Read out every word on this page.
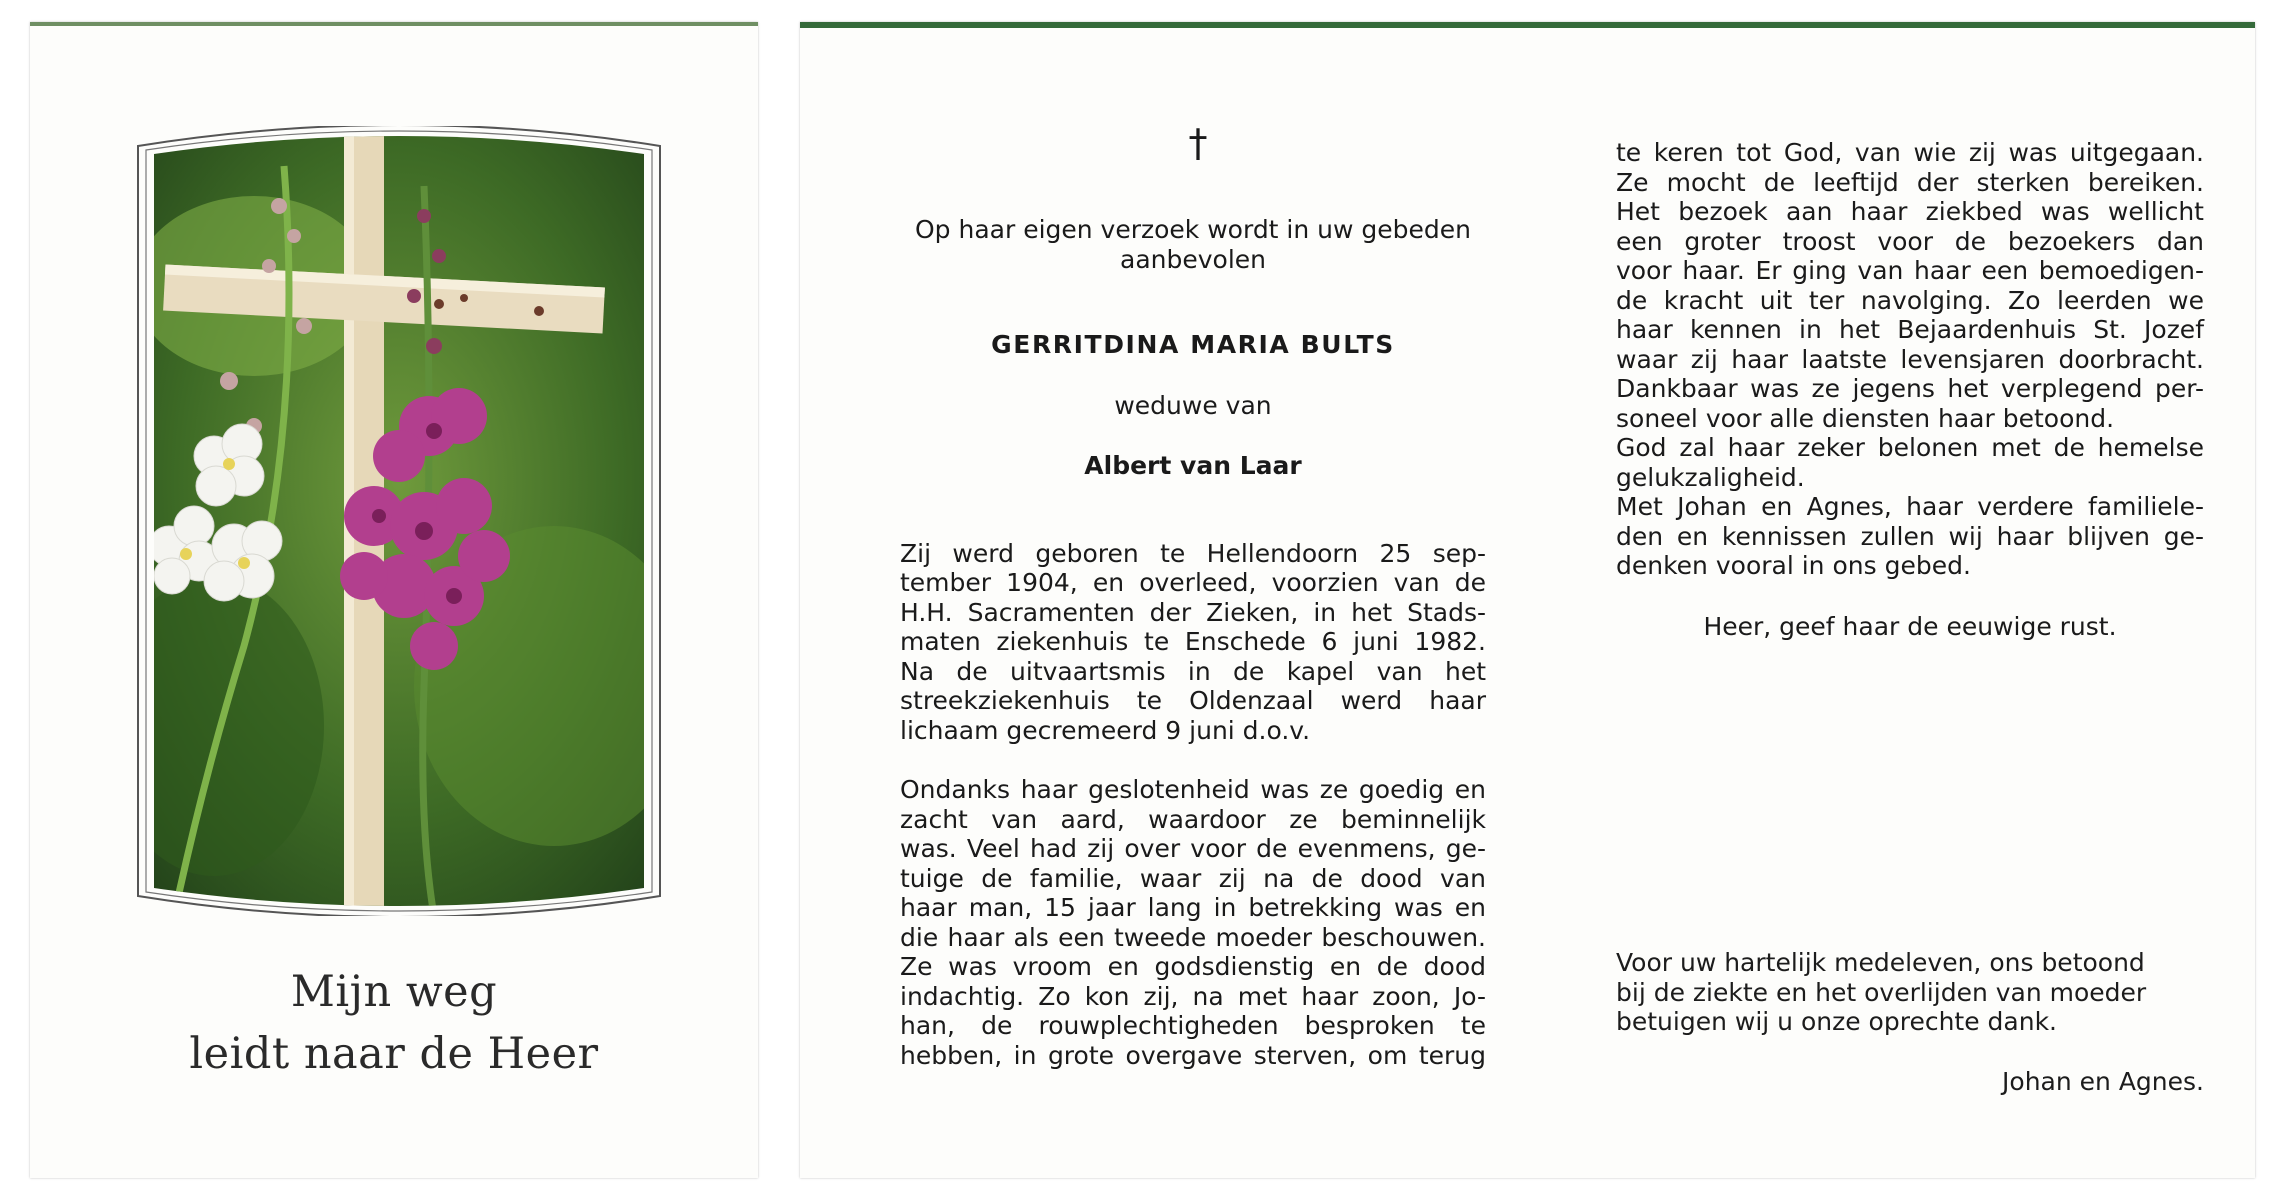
Mijn weg
leidt naar de Heer
†
Op haar eigen verzoek wordt in uw gebeden
aanbevolen
GERRITDINA MARIA BULTS
weduwe van
Albert van Laar
Zij werd geboren te Hellendoorn 25 sep-
tember 1904, en overleed, voorzien van de
H.H. Sacramenten der Zieken, in het Stads-
maten ziekenhuis te Enschede 6 juni 1982.
Na de uitvaartsmis in de kapel van het
streekziekenhuis te Oldenzaal werd haar
lichaam gecremeerd 9 juni d.o.v.
Ondanks haar geslotenheid was ze goedig en
zacht van aard, waardoor ze beminnelijk
was. Veel had zij over voor de evenmens, ge-
tuige de familie, waar zij na de dood van
haar man, 15 jaar lang in betrekking was en
die haar als een tweede moeder beschouwen.
Ze was vroom en godsdienstig en de dood
indachtig. Zo kon zij, na met haar zoon, Jo-
han, de rouwplechtigheden besproken te
hebben, in grote overgave sterven, om terug
te keren tot God, van wie zij was uitgegaan.
Ze mocht de leeftijd der sterken bereiken.
Het bezoek aan haar ziekbed was wellicht
een groter troost voor de bezoekers dan
voor haar. Er ging van haar een bemoedigen-
de kracht uit ter navolging. Zo leerden we
haar kennen in het Bejaardenhuis St. Jozef
waar zij haar laatste levensjaren doorbracht.
Dankbaar was ze jegens het verplegend per-
soneel voor alle diensten haar betoond.
God zal haar zeker belonen met de hemelse
gelukzaligheid.
Met Johan en Agnes, haar verdere familiele-
den en kennissen zullen wij haar blijven ge-
denken vooral in ons gebed.
Heer, geef haar de eeuwige rust.
Voor uw hartelijk medeleven, ons betoond
bij de ziekte en het overlijden van moeder
betuigen wij u onze oprechte dank.
Johan en Agnes.
